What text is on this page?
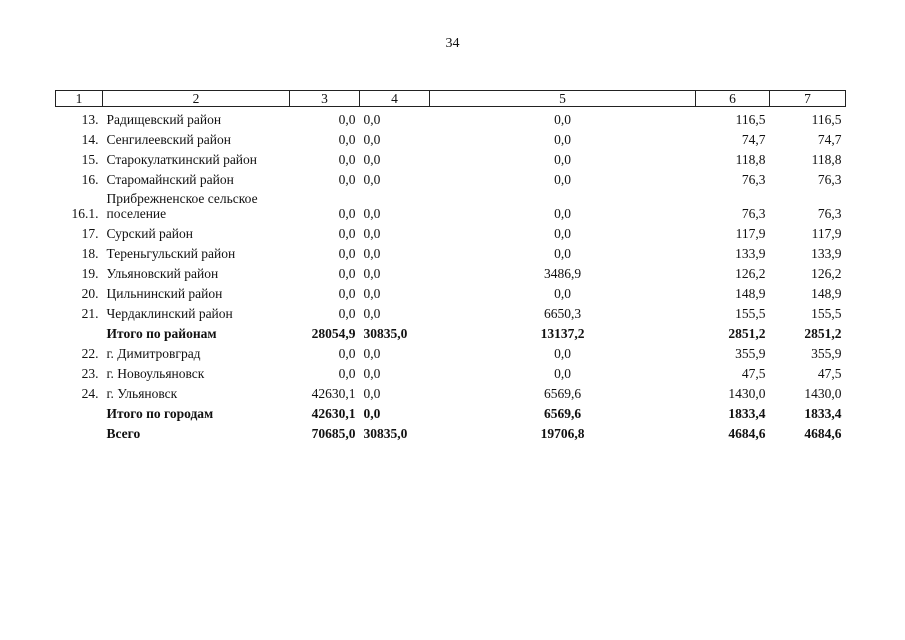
34
1	2	3	4	5	6	7
13.	Радищевский район	0,0	0,0	0,0	116,5	116,5
14.	Сенгилеевский район	0,0	0,0	0,0	74,7	74,7
15.	Старокулаткинский район	0,0	0,0	0,0	118,8	118,8
16.	Старомайнский район	0,0	0,0	0,0	76,3	76,3
16.1.	Прибрежненское сельское поселение	0,0	0,0	0,0	76,3	76,3
17.	Сурский район	0,0	0,0	0,0	117,9	117,9
18.	Тереньгульский район	0,0	0,0	0,0	133,9	133,9
19.	Ульяновский район	0,0	0,0	3486,9	126,2	126,2
20.	Цильнинский район	0,0	0,0	0,0	148,9	148,9
21.	Чердаклинский район	0,0	0,0	6650,3	155,5	155,5
	Итого по районам	28054,9	30835,0	13137,2	2851,2	2851,2
22.	г. Димитровград	0,0	0,0	0,0	355,9	355,9
23.	г. Новоульяновск	0,0	0,0	0,0	47,5	47,5
24.	г. Ульяновск	42630,1	0,0	6569,6	1430,0	1430,0
	Итого по городам	42630,1	0,0	6569,6	1833,4	1833,4
	Всего	70685,0	30835,0	19706,8	4684,6	4684,6
